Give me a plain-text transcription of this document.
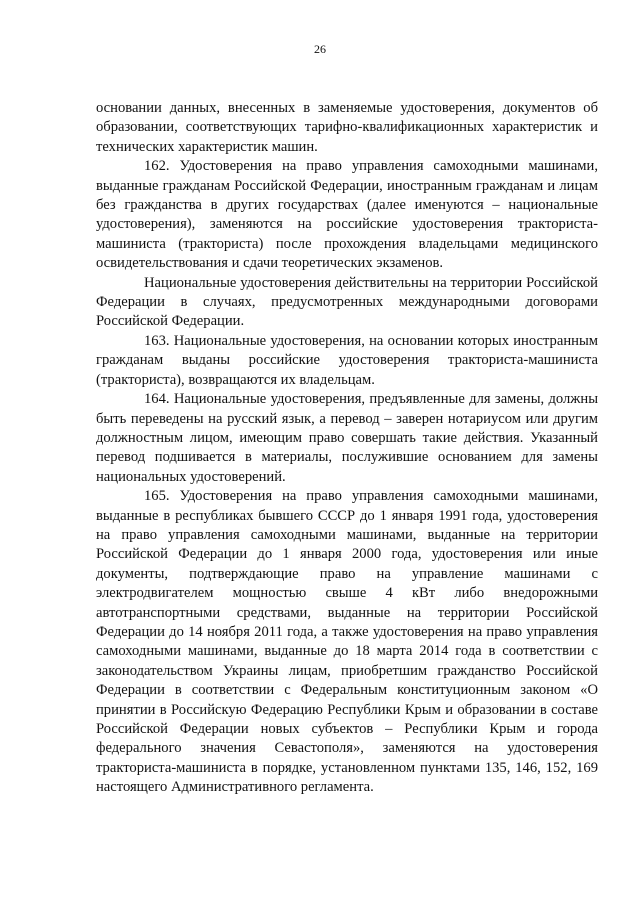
26

основании данных, внесенных в заменяемые удостоверения, документов об образовании, соответствующих тарифно-квалификационных характеристик и технических характеристик машин.

162. Удостоверения на право управления самоходными машинами, выданные гражданам Российской Федерации, иностранным гражданам и лицам без гражданства в других государствах (далее именуются – национальные удостоверения), заменяются на российские удостоверения тракториста-машиниста (тракториста) после прохождения владельцами медицинского освидетельствования и сдачи теоретических экзаменов.

Национальные удостоверения действительны на территории Российской Федерации в случаях, предусмотренных международными договорами Российской Федерации.

163. Национальные удостоверения, на основании которых иностранным гражданам выданы российские удостоверения тракториста-машиниста (тракториста), возвращаются их владельцам.

164. Национальные удостоверения, предъявленные для замены, должны быть переведены на русский язык, а перевод – заверен нотариусом или другим должностным лицом, имеющим право совершать такие действия. Указанный перевод подшивается в материалы, послужившие основанием для замены национальных удостоверений.

165. Удостоверения на право управления самоходными машинами, выданные в республиках бывшего СССР до 1 января 1991 года, удостоверения на право управления самоходными машинами, выданные на территории Российской Федерации до 1 января 2000 года, удостоверения или иные документы, подтверждающие право на управление машинами с электродвигателем мощностью свыше 4 кВт либо внедорожными автотранспортными средствами, выданные на территории Российской Федерации до 14 ноября 2011 года, а также удостоверения на право управления самоходными машинами, выданные до 18 марта 2014 года в соответствии с законодательством Украины лицам, приобретшим гражданство Российской Федерации в соответствии с Федеральным конституционным законом «О принятии в Российскую Федерацию Республики Крым и образовании в составе Российской Федерации новых субъектов – Республики Крым и города федерального значения Севастополя», заменяются на удостоверения тракториста-машиниста в порядке, установленном пунктами 135, 146, 152, 169 настоящего Административного регламента.
